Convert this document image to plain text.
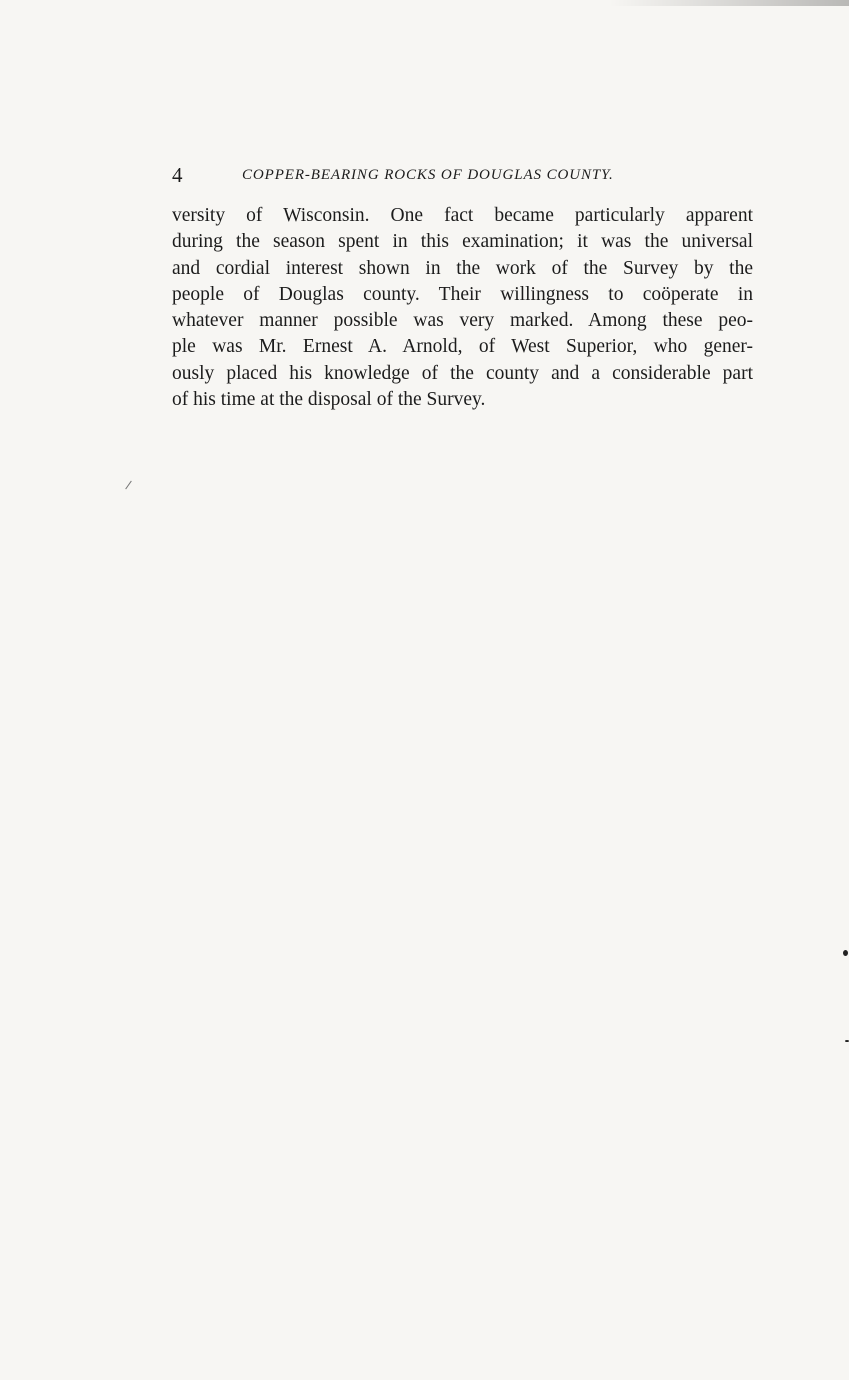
4	COPPER-BEARING ROCKS OF DOUGLAS COUNTY.
versity of Wisconsin. One fact became particularly apparent
during the season spent in this examination; it was the universal
and cordial interest shown in the work of the Survey by the
people of Douglas county. Their willingness to coöperate in
whatever manner possible was very marked. Among these peo-
ple was Mr. Ernest A. Arnold, of West Superior, who gener-
ously placed his knowledge of the county and a considerable part
of his time at the disposal of the Survey.
